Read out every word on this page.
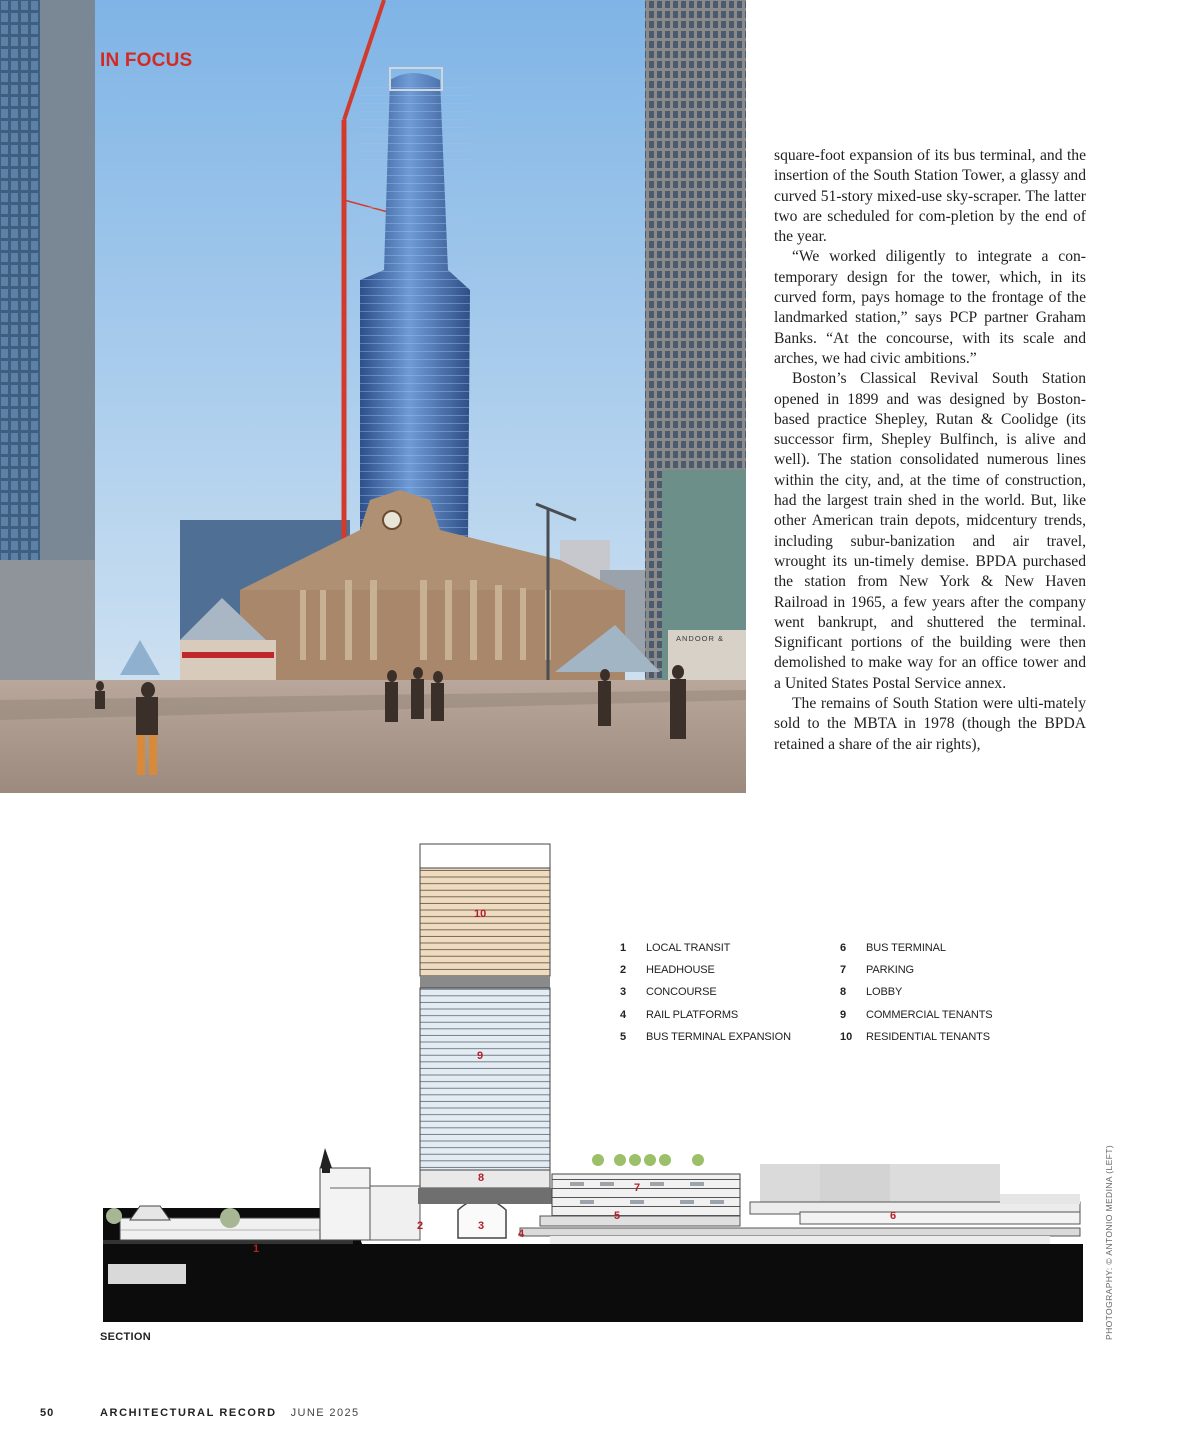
ANDOOR &
IN FOCUS

square-foot expansion of its bus terminal, and the insertion of the South Station Tower, a glassy and curved 51-story mixed-use sky-scraper. The latter two are scheduled for com-pletion by the end of the year.

“We worked diligently to integrate a con-temporary design for the tower, which, in its curved form, pays homage to the frontage of the landmarked station,” says PCP partner Graham Banks. “At the concourse, with its scale and arches, we had civic ambitions.”

Boston’s Classical Revival South Station opened in 1899 and was designed by Boston-based practice Shepley, Rutan & Coolidge (its successor firm, Shepley Bulfinch, is alive and well). The station consolidated numerous lines within the city, and, at the time of construction, had the largest train shed in the world. But, like other American train depots, midcentury trends, including subur-banization and air travel, wrought its un-timely demise. BPDA purchased the station from New York & New Haven Railroad in 1965, a few years after the company went bankrupt, and shuttered the terminal. Significant portions of the building were then demolished to make way for an office tower and a United States Postal Service annex.

The remains of South Station were ulti-mately sold to the MBTA in 1978 (though the BPDA retained a share of the air rights),

1
2	3
4
5	6
7
8
9
10
1	LOCAL TRANSIT
2	HEADHOUSE
3	CONCOURSE
4	RAIL PLATFORMS
5	BUS TERMINAL EXPANSION
6	BUS TERMINAL
7	PARKING
8	LOBBY
9	COMMERCIAL TENANTS
10	RESIDENTIAL TENANTS
SECTION	PHOTOGRAPHY: © ANTONIO MEDINA (LEFT)
50	ARCHITECTURAL RECORD JUNE 2025
